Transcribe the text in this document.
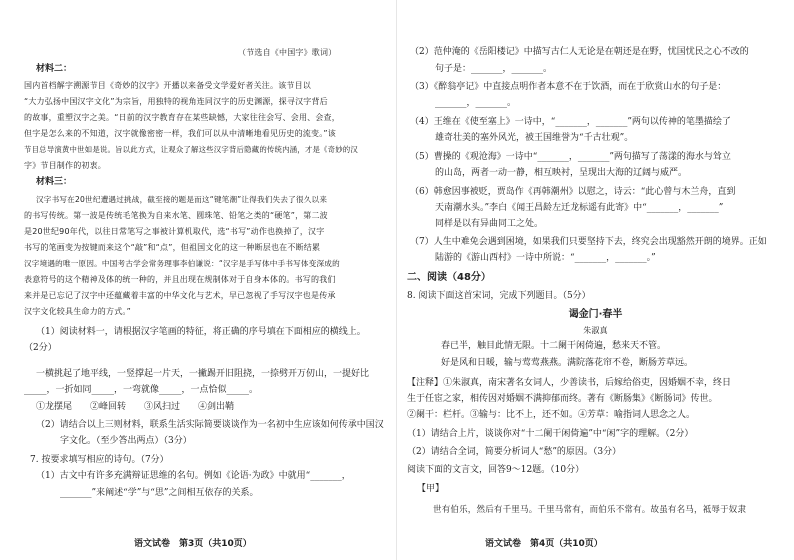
（节选自《中国字》歌词）
材料二：
国内首档解字溯源节目《奇妙的汉字》开播以来备受文学爱好者关注。该节目以
“大力弘扬中国汉字文化”为宗旨，用独特的视角连同汉字的历史渊源，探寻汉字背后
的故事，重塑汉字之美。“日前的汉字教育存在某些缺憾，大家往往会写、会用、会查，
但字是怎么来的不知道，汉字就像密密一样，我们可以从中清晰地看见历史的流变。”该
节目总导演黄中世如是说。旨以此方式，让观众了解这些汉字背后隐藏的传统内涵，才是《奇妙的汉
字》节目制作的初衷。
材料三：
汉字书写在20世纪遭遇过挑战，截至接的题是而这“键笔潮”让得我们失去了很久以来
的书写传统。第一波是传统毛笔换为自来水笔、圆珠笔、铅笔之类的“硬笔”，第二波
是20世纪90年代，以往日常笔写之事被计算机取代，选“书写”动作也换掉了，汉字
书写的笔画变为按键而来这个“敲”和“点”，但祖国文化的这一种断层也在不断结累
汉字境遇的唯一原因。中国考古学会常务理事李伯谦说：“汉字是手写体中手书写体变深成的
表意符号的这个精神及体的统一种的，并且出现在规制体对于自身本体的。书写的我们
来并是已忘记了汉字中还蕴藏着丰富的中华文化与艺术，早已忽视了手写汉字也是传承
汉字文化较具生命力的方式。”
（1）阅读材料一，请根据汉字笔画的特征，将正确的序号填在下面相应的横线上。
（2分）
一横挑起了地平线，一竖撑起一片天，一撇踢开旧阻挠，一捺劈开万仞山，一提好比
_____，一折如同_____，一弯就像_____，一点恰似_____。
①龙摆尾　　②峰回转　　③风扫过　　④剑出鞘
（2）请结合以上三则材料，联系生活实际简要谈谈作为一名初中生应该如何传承中国汉
字文化。（至少答出两点）（3分）
7. 按要求填写相应的诗句。（7分）
（1）古文中有许多充满辩证思维的名句。例如《论语·为政》中就用“_______，
_______”来阐述“学”与“思”之间相互依存的关系。
语文试卷　第3页（共10页）
（2）范仲淹的《岳阳楼记》中描写古仁人无论是在朝还是在野，忧国忧民之心不改的
句子是：_______，_______。
（3）《醉翁亭记》中直接点明作者本意不在于饮酒，而在于欣赏山水的句子是：
_______，_______。
（4）王维在《使至塞上》一诗中，“_______，_______”两句以传神的笔墨描绘了
雄奇壮美的塞外风光，被王国维誉为“千古壮观”。
（5）曹操的《观沧海》一诗中“_______，_______”两句描写了荡漾的海水与耸立
的山岛，两者一动一静，相互映衬，呈现出大海的辽阔与威严。
（6）韩愈因事被贬，贾岛作《再韩潮州》以慰之，诗云：“此心曾与木兰舟，直到
天南潮水头。”李白《闻王昌龄左迁龙标遥有此寄》中“_______，_______”
同样是以有异曲同工之处。
（7）人生中难免会遇到困境，如果我们只要坚持下去，终究会出现豁然开朗的境界。正如
陆游的《游山西村》一诗中所说：“_______，_______。”
二、阅读（48分）
8. 阅读下面这首宋词，完成下列题目。（5分）
谒金门·春半
朱淑真
春已半，触目此情无限。十二阑干闲倚遍，愁来天不管。
好是风和日暖，输与莺莺燕燕。满院落花帘不卷，断肠芳草远。
【注释】①朱淑真，南宋著名女词人，少善读书，后嫁给俗吏，因婚姻不幸，终日
生于任宦之家，相传因对婚姻不满抑郁而终。著有《断肠集》《断肠词》传世。
②阑干：栏杆。③输与：比不上，还不如。④芳草：喻指词人思念之人。
（1）请结合上片，谈谈你对“十二阑干闲倚遍”中“闲”字的理解。（2分）
（2）请结合全词，简要分析词人“愁”的原因。（3分）
阅读下面的文言文，回答9～12题。（10分）
【甲】
世有伯乐，然后有千里马。千里马常有，而伯乐不常有。故虽有名马，祗辱于奴隶
语文试卷　第4页（共10页）
